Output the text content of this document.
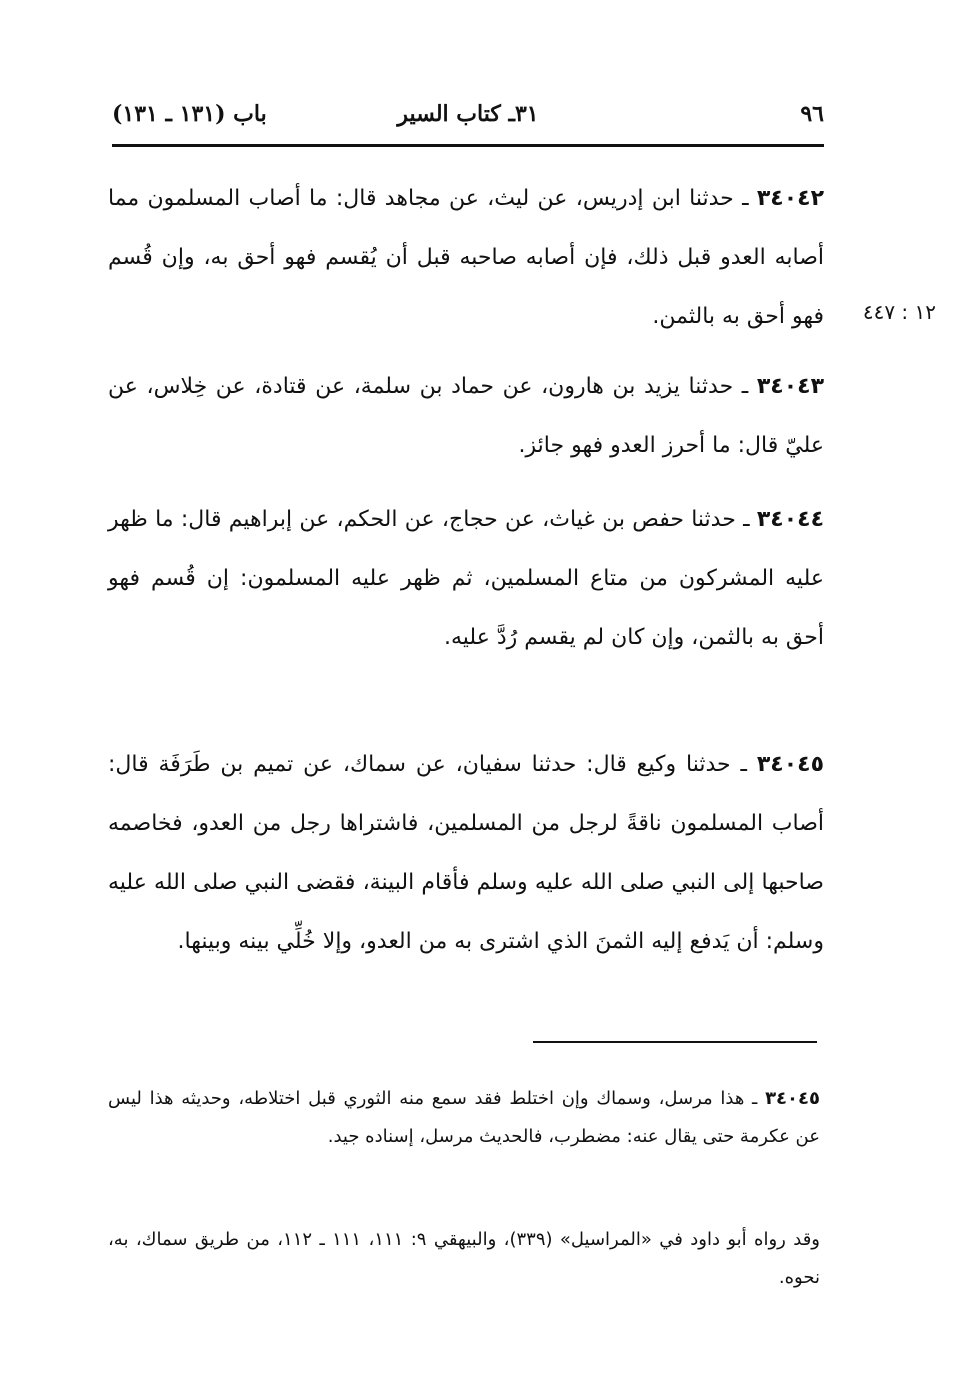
٩٦
٣١ـ كتاب السير
باب (١٣١ ـ ١٣١)

٣٤٠٤٢ ـ حدثنا ابن إدريس، عن ليث، عن مجاهد قال: ما أصاب المسلمون مما أصابه العدو قبل ذلك، فإن أصابه صاحبه قبل أن يُقسم فهو أحق به، وإن قُسم فهو أحق به بالثمن.	١٢ : ٤٤٧

٣٤٠٤٣ ـ حدثنا يزيد بن هارون، عن حماد بن سلمة، عن قتادة، عن خِلاس، عن عليّ قال: ما أحرز العدو فهو جائز.

٣٤٠٤٤ ـ حدثنا حفص بن غياث، عن حجاج، عن الحكم، عن إبراهيم قال: ما ظهر عليه المشركون من متاع المسلمين، ثم ظهر عليه المسلمون: إن قُسم فهو أحق به بالثمن، وإن كان لم يقسم رُدَّ عليه.

٣٤٠٤٥ ـ حدثنا وكيع قال: حدثنا سفيان، عن سماك، عن تميم بن طَرَفَة قال: أصاب المسلمون ناقةً لرجل من المسلمين، فاشتراها رجل من العدو، فخاصمه صاحبها إلى النبي صلى الله عليه وسلم فأقام البينة، فقضى النبي صلى الله عليه وسلم: أن يَدفع إليه الثمنَ الذي اشترى به من العدو، وإلا خُلِّي بينه وبينها.

٣٤٠٤٥ ـ هذا مرسل، وسماك وإن اختلط فقد سمع منه الثوري قبل اختلاطه، وحديثه هذا ليس عن عكرمة حتى يقال عنه: مضطرب، فالحديث مرسل، إسناده جيد.

وقد رواه أبو داود في «المراسيل» (٣٣٩)، والبيهقي ٩: ١١١، ١١١ ـ ١١٢، من طريق سماك، به، نحوه.
